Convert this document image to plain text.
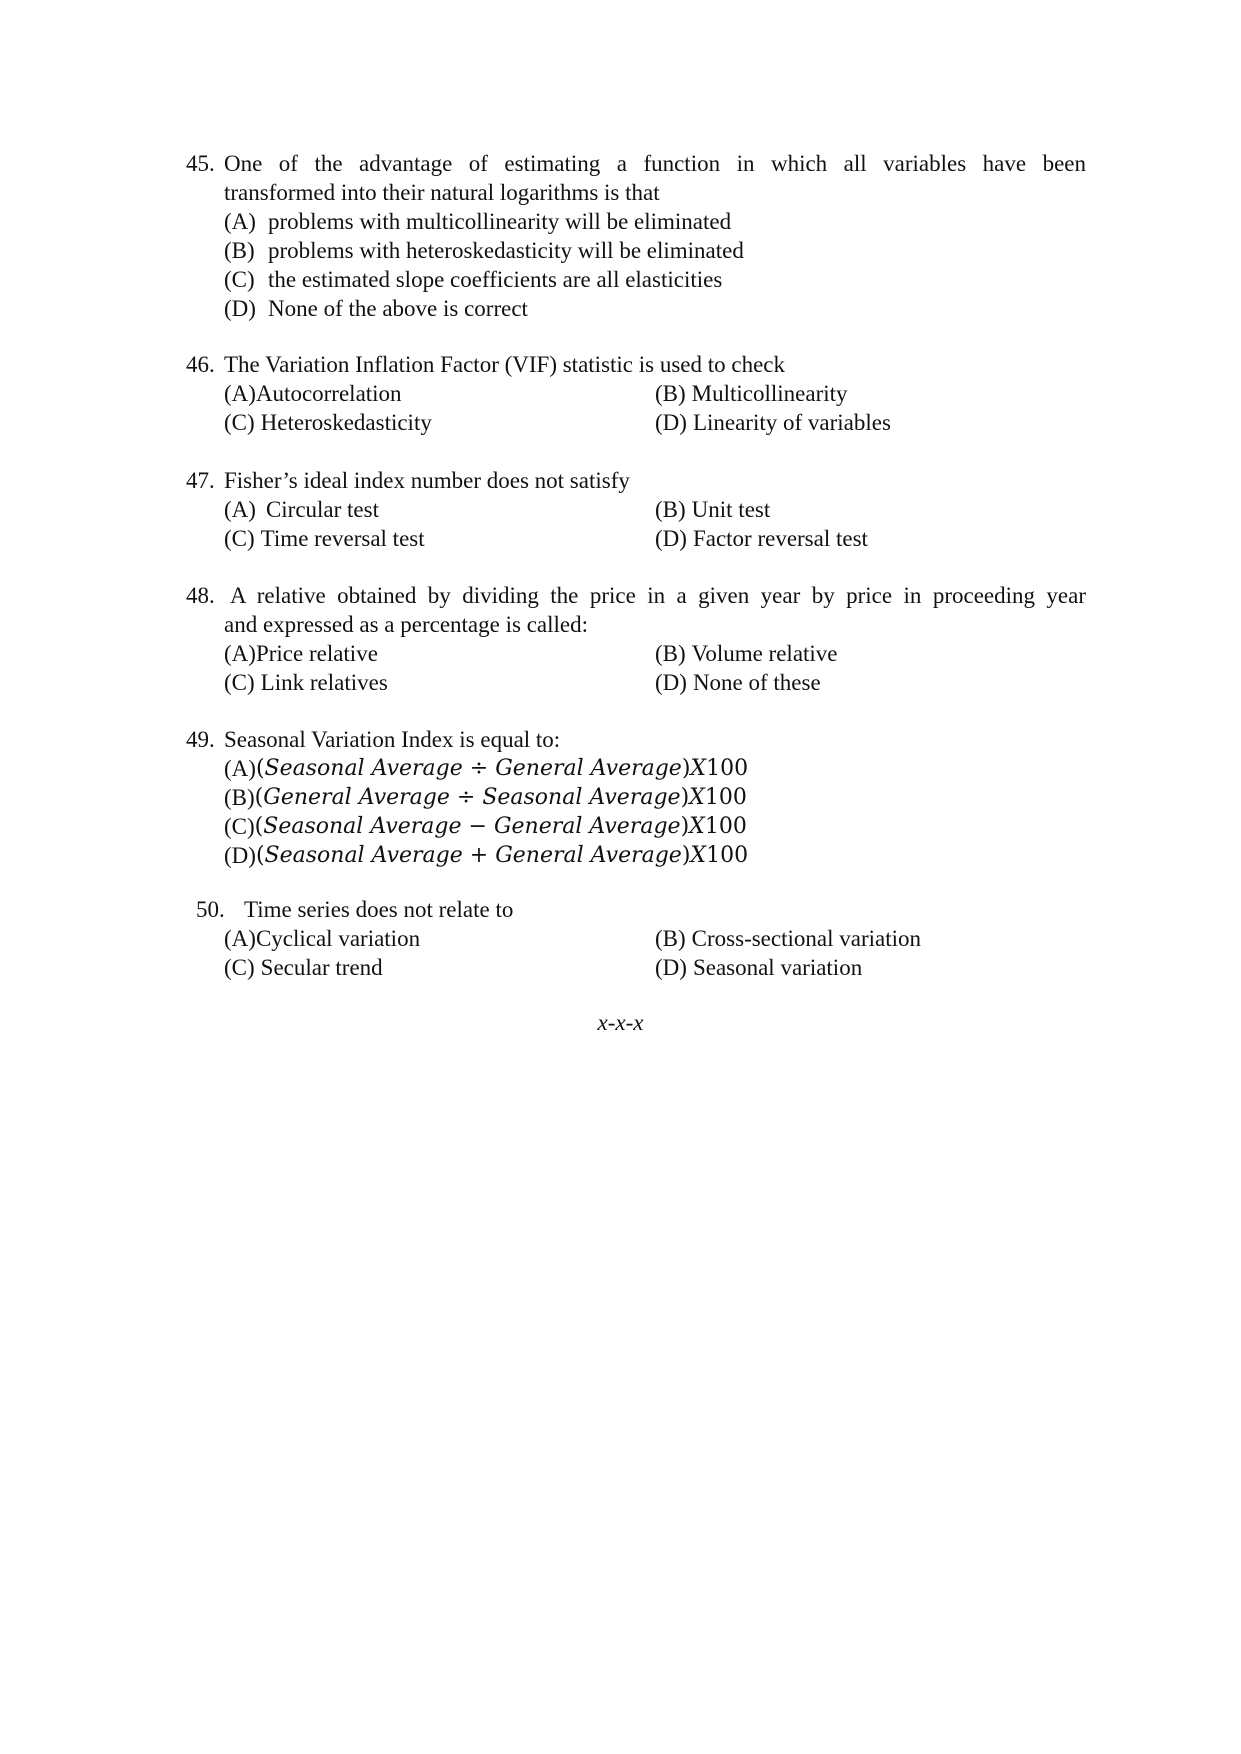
45. One of the advantage of estimating a function in which all variables have been
transformed into their natural logarithms is that
(A) problems with multicollinearity will be eliminated
(B) problems with heteroskedasticity will be eliminated
(C) the estimated slope coefficients are all elasticities
(D) None of the above is correct
46. The Variation Inflation Factor (VIF) statistic is used to check
(A) Autocorrelation	(B) Multicollinearity
(C) Heteroskedasticity	(D) Linearity of variables
47. Fisher’s ideal index number does not satisfy
(A) Circular test	(B) Unit test
(C) Time reversal test	(D) Factor reversal test
48. A relative obtained by dividing the price in a given year by price in proceeding year
and expressed as a percentage is called:
(A) Price relative	(B) Volume relative
(C) Link relatives	(D) None of these
49. Seasonal Variation Index is equal to:
(A) (Seasonal Average ÷ General Average)X100
(B) (General Average ÷ Seasonal Average)X100
(C) (Seasonal Average − General Average)X100
(D) (Seasonal Average + General Average)X100
50. Time series does not relate to
(A) Cyclical variation	(B) Cross-sectional variation
(C) Secular trend	(D) Seasonal variation
x-x-x
